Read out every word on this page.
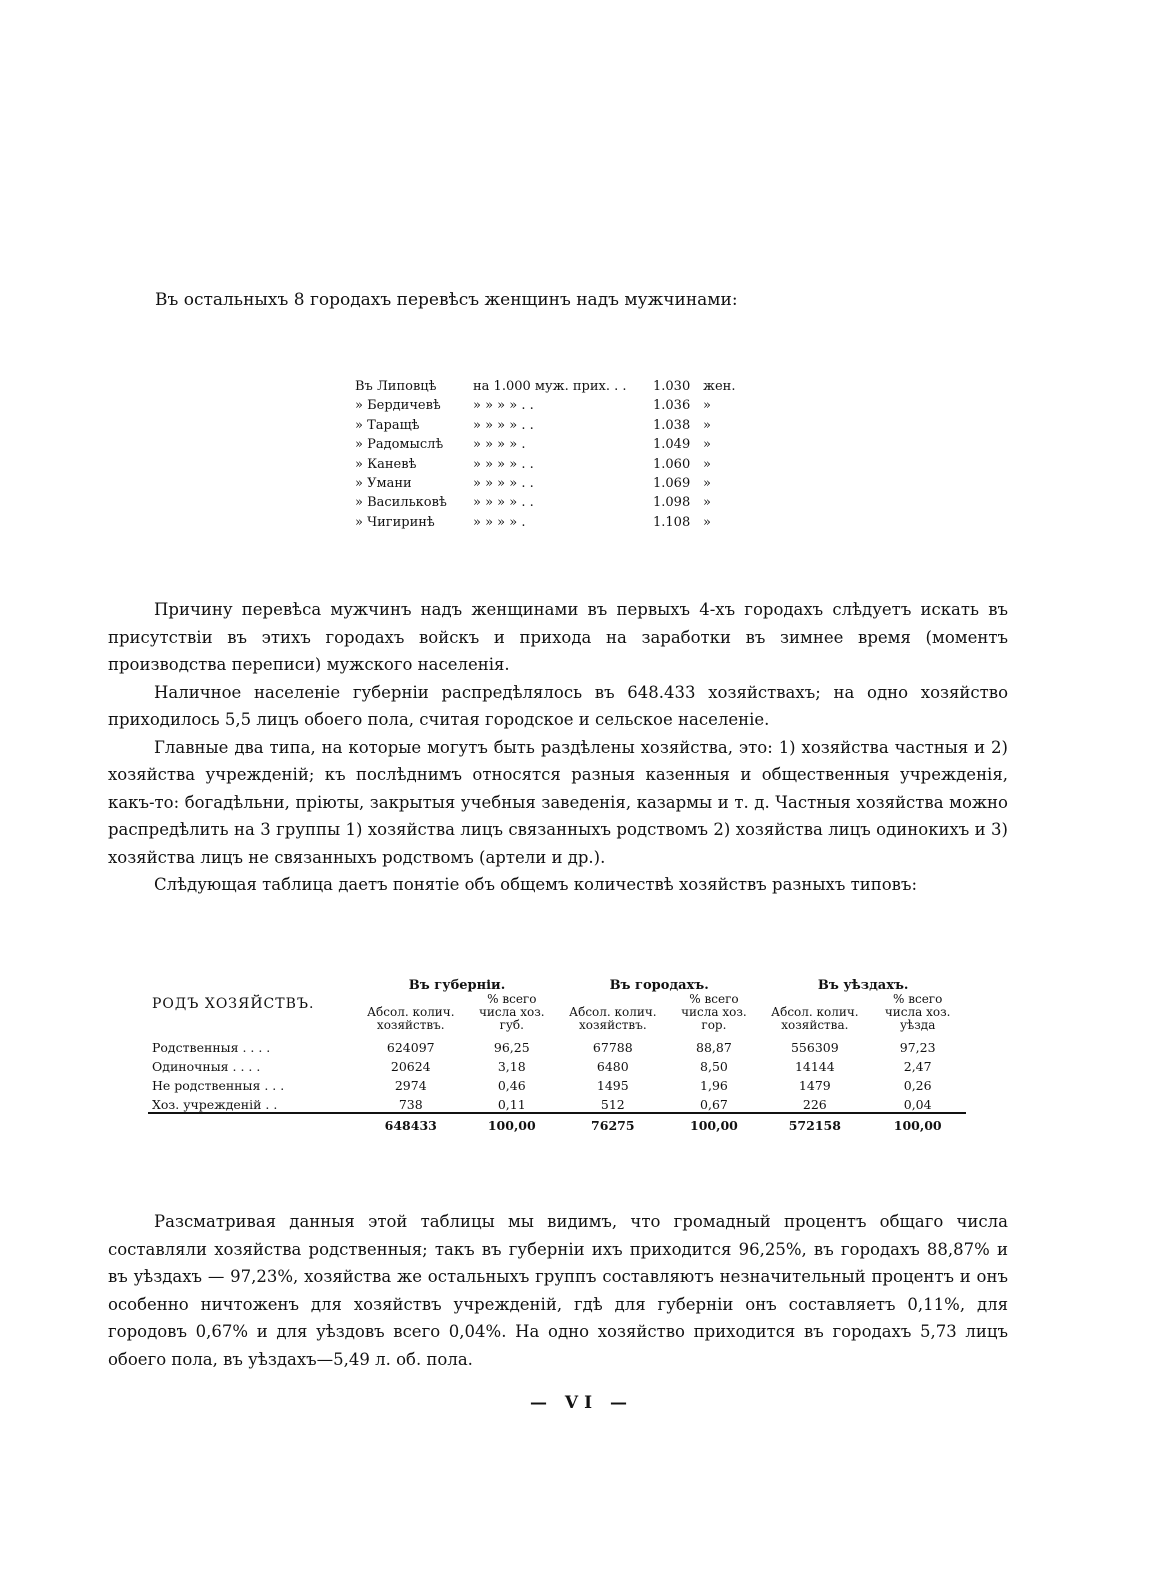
Въ остальныхъ 8 городахъ перевѣсъ женщинъ надъ мужчинами:
Въ Липовцѣ	на 1.000 муж. прих. . .	1.030 жен.
» Бердичевѣ	» » » » . .	1.036 »
» Таращѣ	» » » » . .	1.038 »
» Радомыслѣ	» » » » .	1.049 »
» Каневѣ	» » » » . .	1.060 »
» Умани	» » » » . .	1.069 »
» Васильковѣ	» » » » . .	1.098 »
» Чигиринѣ	» » » » .	1.108 »

Причину перевѣса мужчинъ надъ женщинами въ первыхъ 4-хъ городахъ слѣдуетъ искать въ присутствіи въ этихъ городахъ войскъ и прихода на заработки въ зимнее время (моментъ производства переписи) мужского населенія.

Наличное населеніе губерніи распредѣлялось въ 648.433 хозяйствахъ; на одно хозяйство приходилось 5,5 лицъ обоего пола, считая городское и сельское населеніе.

Главные два типа, на которые могутъ быть раздѣлены хозяйства, это: 1) хозяйства частныя и 2) хозяйства учрежденій; къ послѣднимъ относятся разныя казенныя и общественныя учрежденія, какъ-то: богадѣльни, пріюты, закрытыя учебныя заведенія, казармы и т. д. Частныя хозяйства можно распредѣлить на 3 группы 1) хозяйства лицъ связанныхъ родствомъ 2) хозяйства лицъ одинокихъ и 3) хозяйства лицъ не связанныхъ родствомъ (артели и др.).

Слѣдующая таблица даетъ понятіе объ общемъ количествѣ хозяйствъ разныхъ типовъ:

РОДЪ ХОЗЯЙСТВЪ.	Въ губерніи.		Въ городахъ.		Въ уѣздахъ.	
	Абсол. колич. хозяйствъ.	% всего числа хоз. губ.	Абсол. колич. хозяйствъ.	% всего числа хоз. гор.	Абсол. колич. хозяйства.	% всего числа хоз. уѣзда
Родственныя . . . .	624097	96,25	67788	88,87	556309	97,23
Одиночныя . . . .	20624	3,18	6480	8,50	14144	2,47
Не родственныя . . .	2974	0,46	1495	1,96	1479	0,26
Хоз. учрежденій . .	738	0,11	512	0,67	226	0,04
	648433	100,00	76275	100,00	572158	100,00

Разсматривая данныя этой таблицы мы видимъ, что громадный процентъ общаго числа составляли хозяйства родственныя; такъ въ губерніи ихъ приходится 96,25%, въ городахъ 88,87% и въ уѣздахъ — 97,23%, хозяйства же остальныхъ группъ составляютъ незначительный процентъ и онъ особенно ничтоженъ для хозяйствъ учрежденій, гдѣ для губерніи онъ составляетъ 0,11%, для городовъ 0,67% и для уѣздовъ всего 0,04%. На одно хозяйство приходится въ городахъ 5,73 лицъ обоего пола, въ уѣздахъ—5,49 л. об. пола.

— VI —
